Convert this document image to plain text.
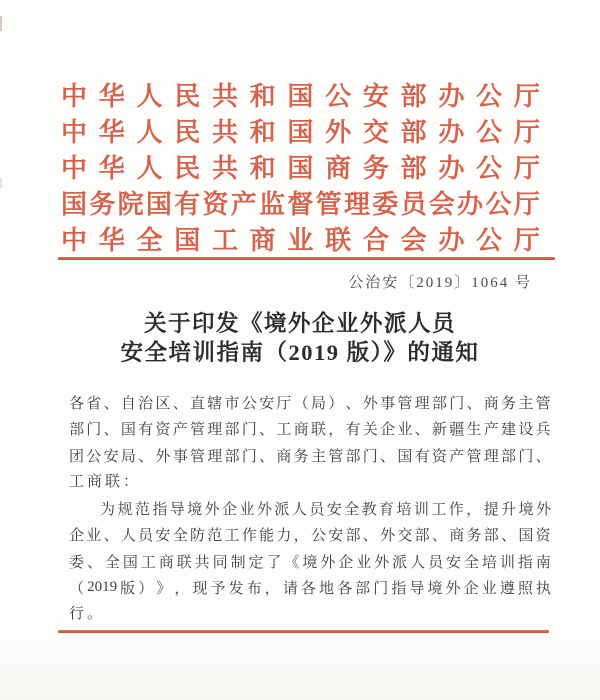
中 华 人 民 共 和 国 公 安 部 办 公 厅
中 华 人 民 共 和 国 外 交 部 办 公 厅
中 华 人 民 共 和 国 商 务 部 办 公 厅
国 务 院 国 有 资 产 监 督 管 理 委 员 会 办 公 厅
中 华 全 国 工 商 业 联 合 会 办 公 厅
公治安〔2019〕1064 号
关于印发《境外企业外派人员
安全培训指南（2019 版）》的通知
各 省 、 自 治 区 、 直 辖 市 公 安 厅 （ 局 ） 、 外 事 管 理 部 门 、 商 务 主 管
部 门 、 国 有 资 产 管 理 部 门 、 工 商 联 ， 有 关 企 业 、 新 疆 生 产 建 设 兵
团 公 安 局 、 外 事 管 理 部 门 、 商 务 主 管 部 门 、 国 有 资 产 管 理 部 门 、
工商联：
为 规 范 指 导 境 外 企 业 外 派 人 员 安 全 教 育 培 训 工 作 ， 提 升 境 外
企 业 、 人 员 安 全 防 范 工 作 能 力 ， 公 安 部 、 外 交 部 、 商 务 部 、 国 资
委 、 全 国 工 商 联 共 同 制 定 了 《 境 外 企 业 外 派 人 员 安 全 培 训 指 南
（ 2019 版 ） 》 ， 现 予 发 布 ， 请 各 地 各 部 门 指 导 境 外 企 业 遵 照 执
行。
